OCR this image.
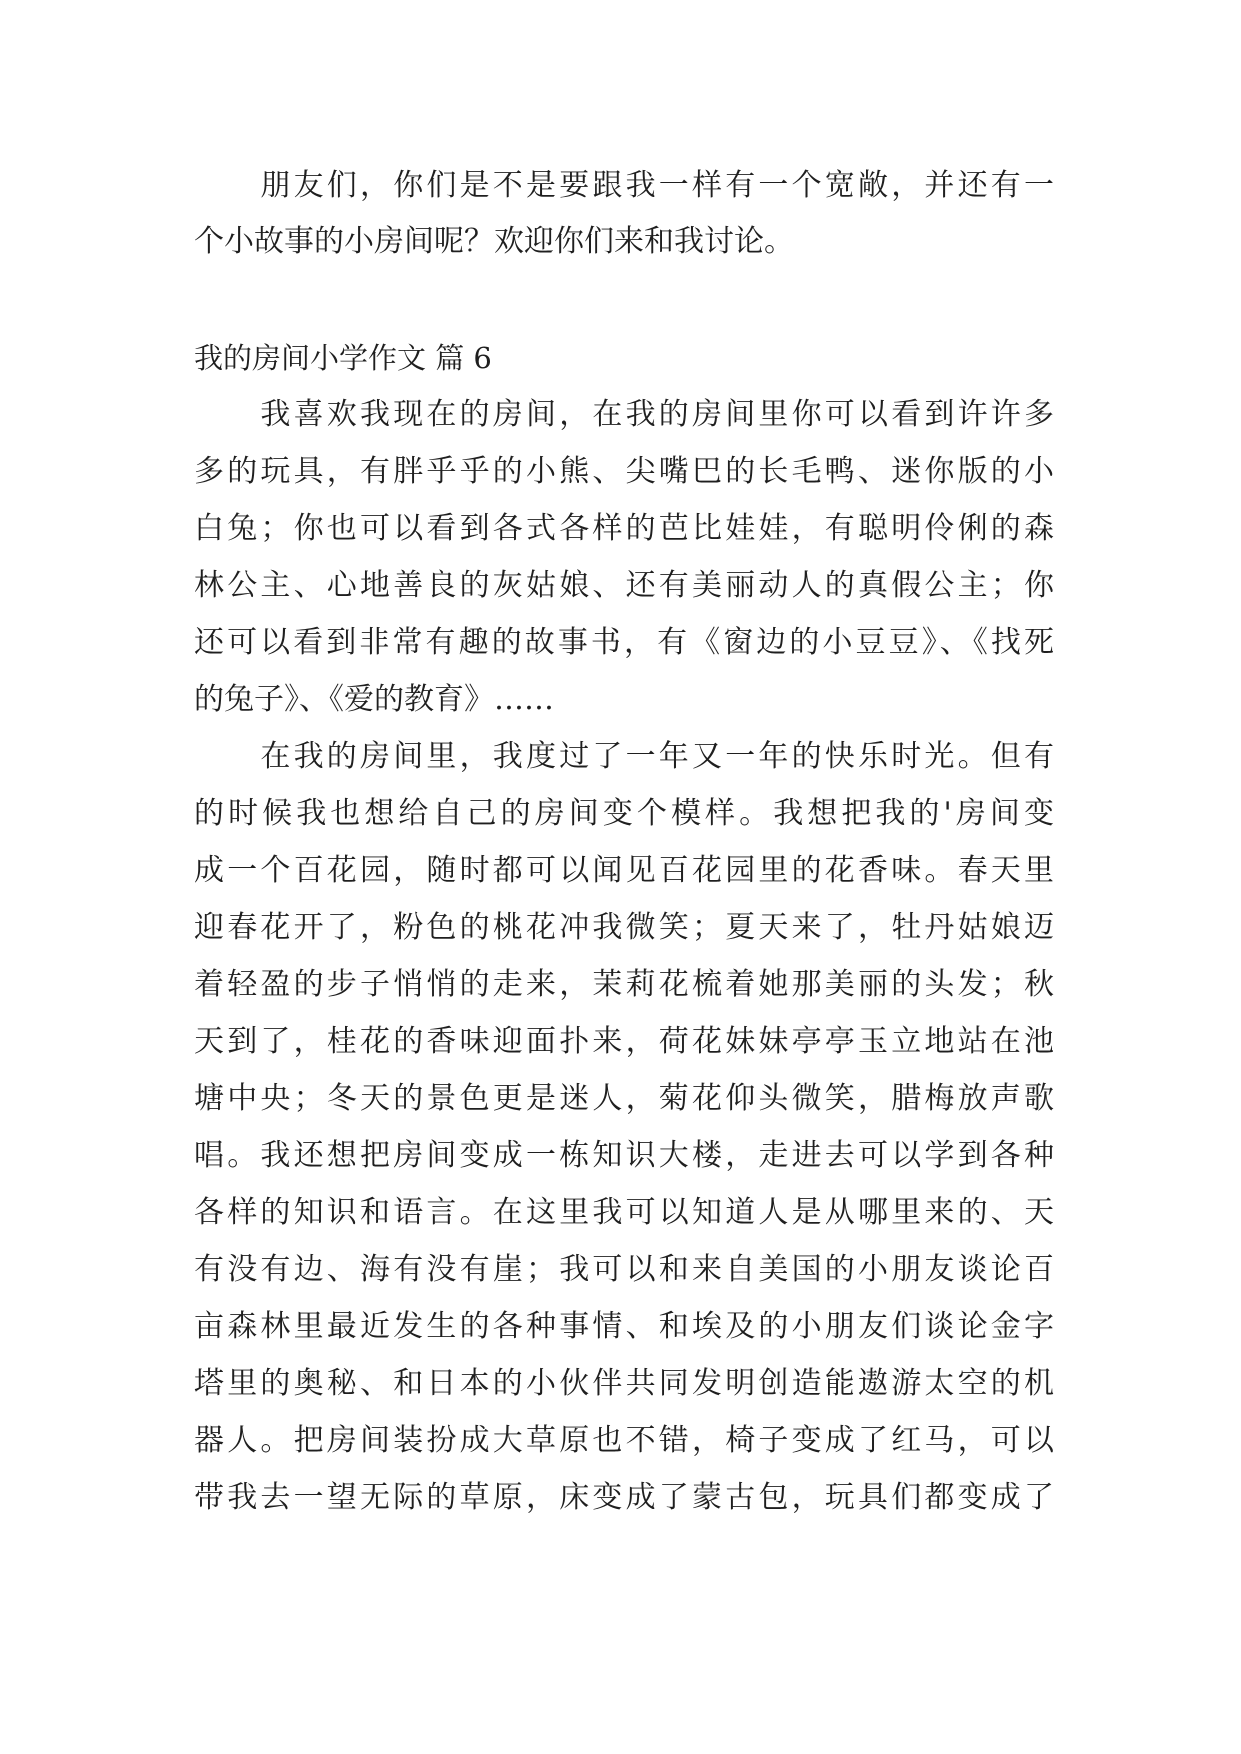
　　朋友们，你们是不是要跟我一样有一个宽敞，并还有一
个小故事的小房间呢？欢迎你们来和我讨论。
我的房间小学作文 篇 6
　　我喜欢我现在的房间，在我的房间里你可以看到许许多
多的玩具，有胖乎乎的小熊、尖嘴巴的长毛鸭、迷你版的小
白兔；你也可以看到各式各样的芭比娃娃，有聪明伶俐的森
林公主、心地善良的灰姑娘、还有美丽动人的真假公主；你
还可以看到非常有趣的故事书，有《窗边的小豆豆》、《找死
的兔子》、《爱的教育》……
　　在我的房间里，我度过了一年又一年的快乐时光。但有
的时候我也想给自己的房间变个模样。我想把我的'房间变
成一个百花园，随时都可以闻见百花园里的花香味。春天里
迎春花开了，粉色的桃花冲我微笑；夏天来了，牡丹姑娘迈
着轻盈的步子悄悄的走来，茉莉花梳着她那美丽的头发；秋
天到了，桂花的香味迎面扑来，荷花妹妹亭亭玉立地站在池
塘中央；冬天的景色更是迷人，菊花仰头微笑，腊梅放声歌
唱。我还想把房间变成一栋知识大楼，走进去可以学到各种
各样的知识和语言。在这里我可以知道人是从哪里来的、天
有没有边、海有没有崖；我可以和来自美国的小朋友谈论百
亩森林里最近发生的各种事情、和埃及的小朋友们谈论金字
塔里的奥秘、和日本的小伙伴共同发明创造能遨游太空的机
器人。把房间装扮成大草原也不错，椅子变成了红马，可以
带我去一望无际的草原，床变成了蒙古包，玩具们都变成了
